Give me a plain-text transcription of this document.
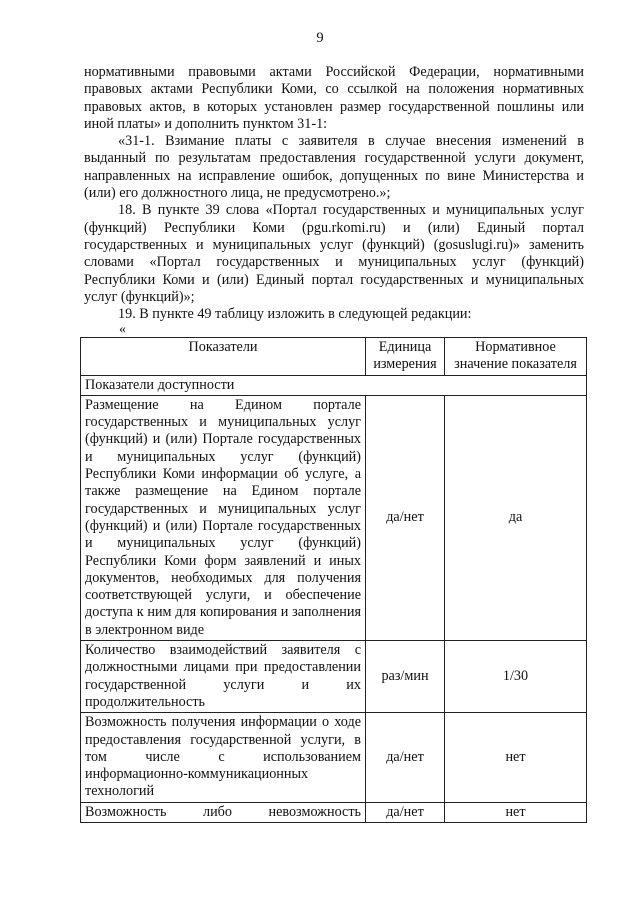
9

нормативными правовыми актами Российской Федерации, нормативными правовых актами Республики Коми, со ссылкой на положения нормативных правовых актов, в которых установлен размер государственной пошлины или иной платы» и дополнить пунктом 31-1:

«31-1. Взимание платы с заявителя в случае внесения изменений в выданный по результатам предоставления государственной услуги документ, направленных на исправление ошибок, допущенных по вине Министерства и (или) его должностного лица, не предусмотрено.»;

18. В пункте 39 слова «Портал государственных и муниципальных услуг (функций) Республики Коми (pgu.rkomi.ru) и (или) Единый портал государственных и муниципальных услуг (функций) (gosuslugi.ru)» заменить словами «Портал государственных и муниципальных услуг (функций) Республики Коми и (или) Единый портал государственных и муниципальных услуг (функций)»;

19. В пункте 49 таблицу изложить в следующей редакции:

«
Показатели	Единица измерения	Нормативное значение показателя
Показатели доступности		
Размещение на Едином портале государственных и муниципальных услуг (функций) и (или) Портале государственных и муниципальных услуг (функций) Республики Коми информации об услуге, а также размещение на Едином портале государственных и муниципальных услуг (функций) и (или) Портале государственных и муниципальных услуг (функций) Республики Коми форм заявлений и иных документов, необходимых для получения соответствующей услуги, и обеспечение доступа к ним для копирования и заполнения в электронном виде	да/нет	да
Количество взаимодействий заявителя с должностными лицами при предоставлении государственной услуги и их продолжительность	раз/мин	1/30
Возможность получения информации о ходе предоставления государственной услуги, в том числе с использованием информационно-коммуникационных технологий	да/нет	нет
Возможность либо невозможность	да/нет	нет
